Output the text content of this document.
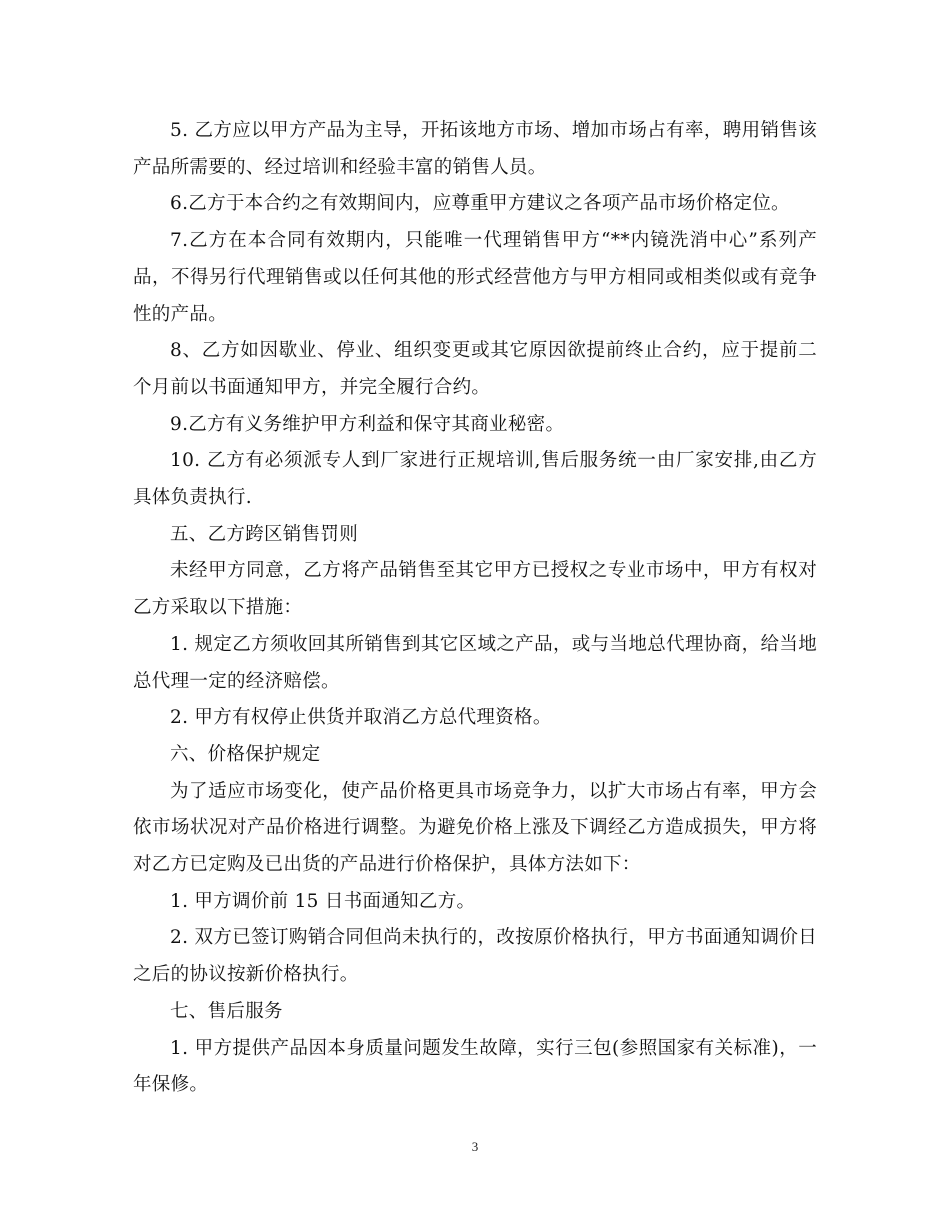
5. 乙方应以甲方产品为主导，开拓该地方市场、增加市场占有率，聘用销售该产品所需要的、经过培训和经验丰富的销售人员。

6.乙方于本合约之有效期间内，应尊重甲方建议之各项产品市场价格定位。

7.乙方在本合同有效期内，只能唯一代理销售甲方“**内镜洗消中心”系列产品，不得另行代理销售或以任何其他的形式经营他方与甲方相同或相类似或有竞争性的产品。

8、乙方如因歇业、停业、组织变更或其它原因欲提前终止合约，应于提前二个月前以书面通知甲方，并完全履行合约。

9.乙方有义务维护甲方利益和保守其商业秘密。

10. 乙方有必须派专人到厂家进行正规培训,售后服务统一由厂家安排,由乙方具体负责执行.

五、乙方跨区销售罚则

未经甲方同意，乙方将产品销售至其它甲方已授权之专业市场中，甲方有权对乙方采取以下措施：

1. 规定乙方须收回其所销售到其它区域之产品，或与当地总代理协商，给当地总代理一定的经济赔偿。

2. 甲方有权停止供货并取消乙方总代理资格。

六、价格保护规定

为了适应市场变化，使产品价格更具市场竞争力，以扩大市场占有率，甲方会依市场状况对产品价格进行调整。为避免价格上涨及下调经乙方造成损失，甲方将对乙方已定购及已出货的产品进行价格保护，具体方法如下：

1. 甲方调价前 15 日书面通知乙方。

2. 双方已签订购销合同但尚未执行的，改按原价格执行，甲方书面通知调价日之后的协议按新价格执行。

七、售后服务

1. 甲方提供产品因本身质量问题发生故障，实行三包(参照国家有关标准)，一年保修。

3
